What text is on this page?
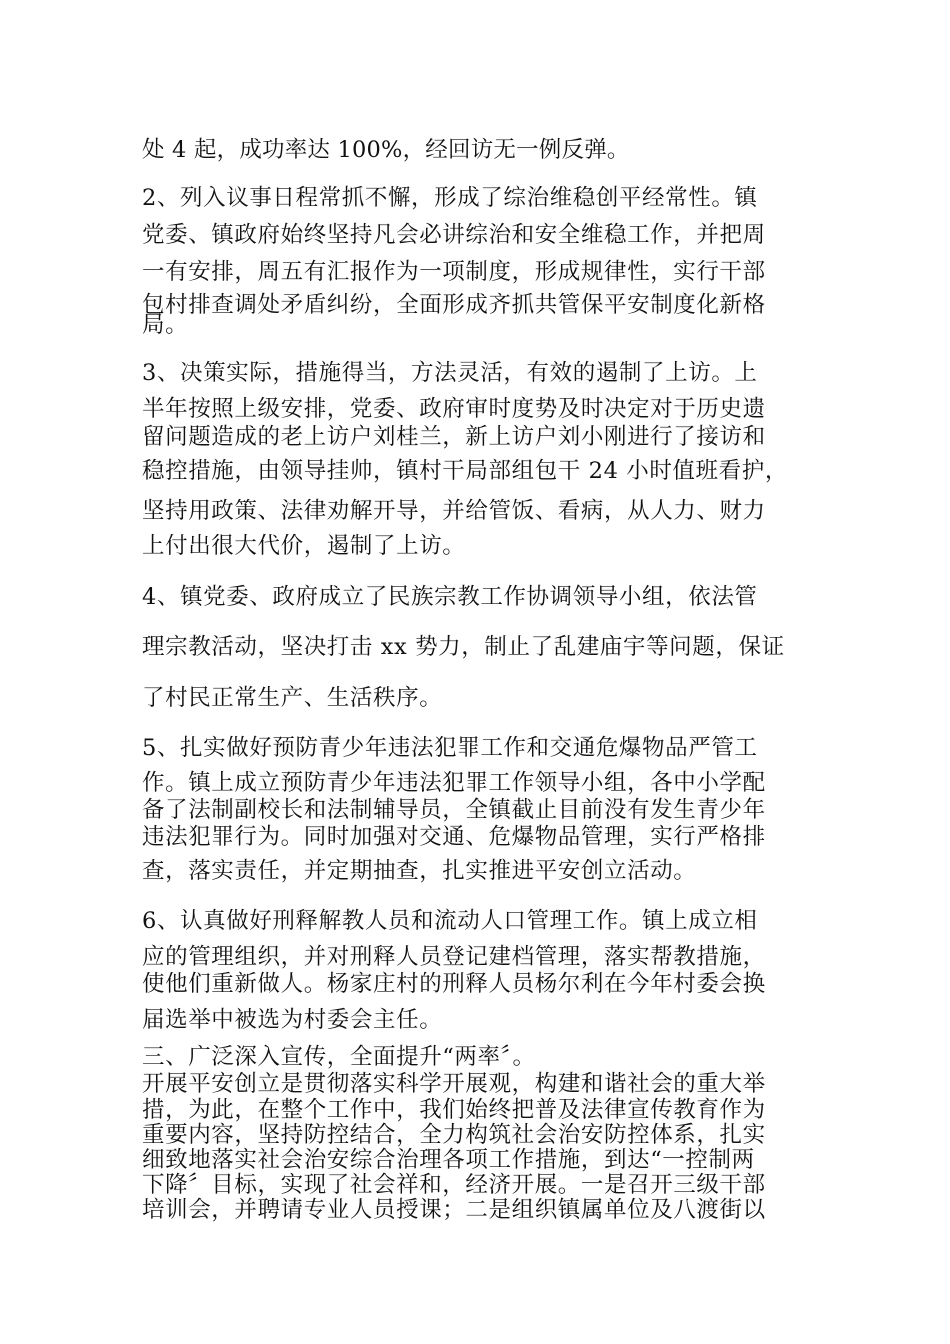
处 4 起，成功率达 100%，经回访无一例反弹。
2、列入议事日程常抓不懈，形成了综治维稳创平经常性。镇
党委、镇政府始终坚持凡会必讲综治和安全维稳工作，并把周
一有安排，周五有汇报作为一项制度，形成规律性，实行干部
包村排查调处矛盾纠纷，全面形成齐抓共管保平安制度化新格
局。
3、决策实际，措施得当，方法灵活，有效的遏制了上访。上
半年按照上级安排，党委、政府审时度势及时决定对于历史遗
留问题造成的老上访户刘桂兰，新上访户刘小刚进行了接访和
稳控措施，由领导挂帅，镇村干局部组包干 24 小时值班看护，
坚持用政策、法律劝解开导，并给管饭、看病，从人力、财力
上付出很大代价，遏制了上访。
4、镇党委、政府成立了民族宗教工作协调领导小组，依法管
理宗教活动，坚决打击 xx 势力，制止了乱建庙宇等问题，保证
了村民正常生产、生活秩序。
5、扎实做好预防青少年违法犯罪工作和交通危爆物品严管工
作。镇上成立预防青少年违法犯罪工作领导小组，各中小学配
备了法制副校长和法制辅导员，全镇截止目前没有发生青少年
违法犯罪行为。同时加强对交通、危爆物品管理，实行严格排
查，落实责任，并定期抽查，扎实推进平安创立活动。
6、认真做好刑释解教人员和流动人口管理工作。镇上成立相
应的管理组织，并对刑释人员登记建档管理，落实帮教措施，
使他们重新做人。杨家庄村的刑释人员杨尔利在今年村委会换
届选举中被选为村委会主任。
三、广泛深入宣传，全面提升“两率〞。
开展平安创立是贯彻落实科学开展观，构建和谐社会的重大举
措，为此，在整个工作中，我们始终把普及法律宣传教育作为
重要内容，坚持防控结合，全力构筑社会治安防控体系，扎实
细致地落实社会治安综合治理各项工作措施，到达“一控制两
下降〞目标，实现了社会祥和，经济开展。一是召开三级干部
培训会，并聘请专业人员授课；二是组织镇属单位及八渡街以
